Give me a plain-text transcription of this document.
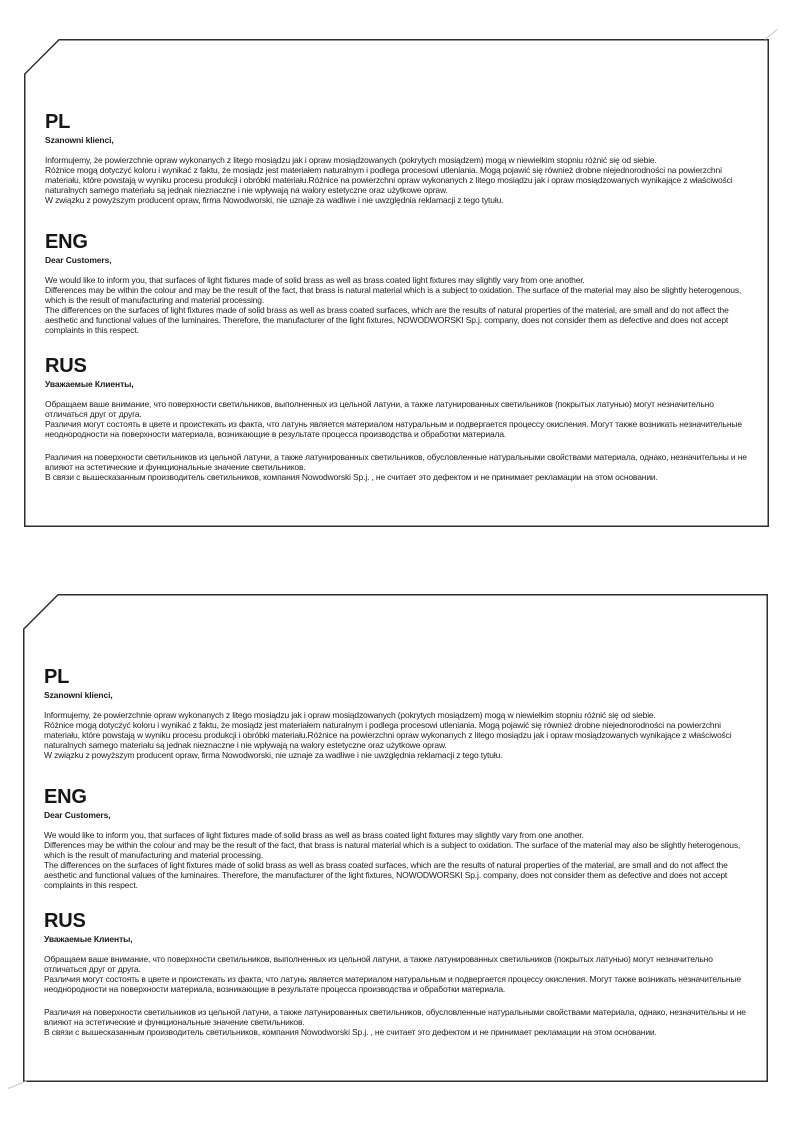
PL
Szanowni klienci,
Informujemy, że powierzchnie opraw wykonanych z litego mosiądzu jak i opraw mosiądzowanych (pokrytych mosiądzem) mogą w niewielkim stopniu różnić się od siebie.
Różnice mogą dotyczyć koloru i wynikać z faktu, że mosiądz jest materiałem naturalnym i podlega procesowi utleniania. Mogą pojawić się również drobne niejednorodności na powierzchni materiału, które powstają w wyniku procesu produkcji i obróbki materiału.Różnice na powierzchni opraw wykonanych z litego mosiądzu jak i opraw mosiądzowanych wynikające z właściwości naturalnych samego materiału są jednak nieznaczne i nie wpływają na walory estetyczne oraz użytkowe opraw.
W związku z powyższym producent opraw, firma Nowodworski, nie uznaje za wadliwe i nie uwzględnia reklamacji z tego tytułu.
ENG
Dear Customers,
We would like to inform you, that surfaces of light fixtures made of solid brass as well as brass coated light fixtures may slightly vary from one another.
Differences may be within the colour and may be the result of the fact, that brass is natural material which is a subject to oxidation. The surface of the material may also be slightly heterogenous, which is the result of manufacturing and material processing.
The differences on the surfaces of light fixtures made of solid brass as well as brass coated surfaces, which are the results of natural properties of the material, are small and do not affect the aesthetic and functional values of the luminaires. Therefore, the manufacturer of the light fixtures, NOWODWORSKI Sp.j. company, does not consider them as defective and does not accept complaints in this respect.
RUS
Уважаемые Клиенты,
Обращаем ваше внимание, что поверхности светильников, выполненных из цельной латуни, а также латунированных светильников (покрытых латунью) могут незначительно отличаться друг от друга.
Различия могут состоять в цвете и проистекать из факта, что латунь является материалом натуральным и подвергается процессу окисления. Могут также возникать незначительные неоднородности на поверхности материала, возникающие в результате процесса производства и обработки материала.
Различия на поверхности светильников из цельной латуни, а также латунированных светильников, обусловленные натуральными свойствами материала, однако, незначительны и не влияют на эстетические и функциональные значение светильников.
В связи с вышесказанным производитель светильников, компания Nowodworski Sp.j. , не считает это дефектом и не принимает рекламации на этом основании.
PL
Szanowni klienci,
Informujemy, że powierzchnie opraw wykonanych z litego mosiądzu jak i opraw mosiądzowanych (pokrytych mosiądzem) mogą w niewielkim stopniu różnić się od siebie.
Różnice mogą dotyczyć koloru i wynikać z faktu, że mosiądz jest materiałem naturalnym i podlega procesowi utleniania. Mogą pojawić się również drobne niejednorodności na powierzchni materiału, które powstają w wyniku procesu produkcji i obróbki materiału.Różnice na powierzchni opraw wykonanych z litego mosiądzu jak i opraw mosiądzowanych wynikające z właściwości naturalnych samego materiału są jednak nieznaczne i nie wpływają na walory estetyczne oraz użytkowe opraw.
W związku z powyższym producent opraw, firma Nowodworski, nie uznaje za wadliwe i nie uwzględnia reklamacji z tego tytułu.
ENG
Dear Customers,
We would like to inform you, that surfaces of light fixtures made of solid brass as well as brass coated light fixtures may slightly vary from one another.
Differences may be within the colour and may be the result of the fact, that brass is natural material which is a subject to oxidation. The surface of the material may also be slightly heterogenous, which is the result of manufacturing and material processing.
The differences on the surfaces of light fixtures made of solid brass as well as brass coated surfaces, which are the results of natural properties of the material, are small and do not affect the aesthetic and functional values of the luminaires. Therefore, the manufacturer of the light fixtures, NOWODWORSKI Sp.j. company, does not consider them as defective and does not accept complaints in this respect.
RUS
Уважаемые Клиенты,
Обращаем ваше внимание, что поверхности светильников, выполненных из цельной латуни, а также латунированных светильников (покрытых латунью) могут незначительно отличаться друг от друга.
Различия могут состоять в цвете и проистекать из факта, что латунь является материалом натуральным и подвергается процессу окисления. Могут также возникать незначительные неоднородности на поверхности материала, возникающие в результате процесса производства и обработки материала.
Различия на поверхности светильников из цельной латуни, а также латунированных светильников, обусловленные натуральными свойствами материала, однако, незначительны и не влияют на эстетические и функциональные значение светильников.
В связи с вышесказанным производитель светильников, компания Nowodworski Sp.j. , не считает это дефектом и не принимает рекламации на этом основании.
